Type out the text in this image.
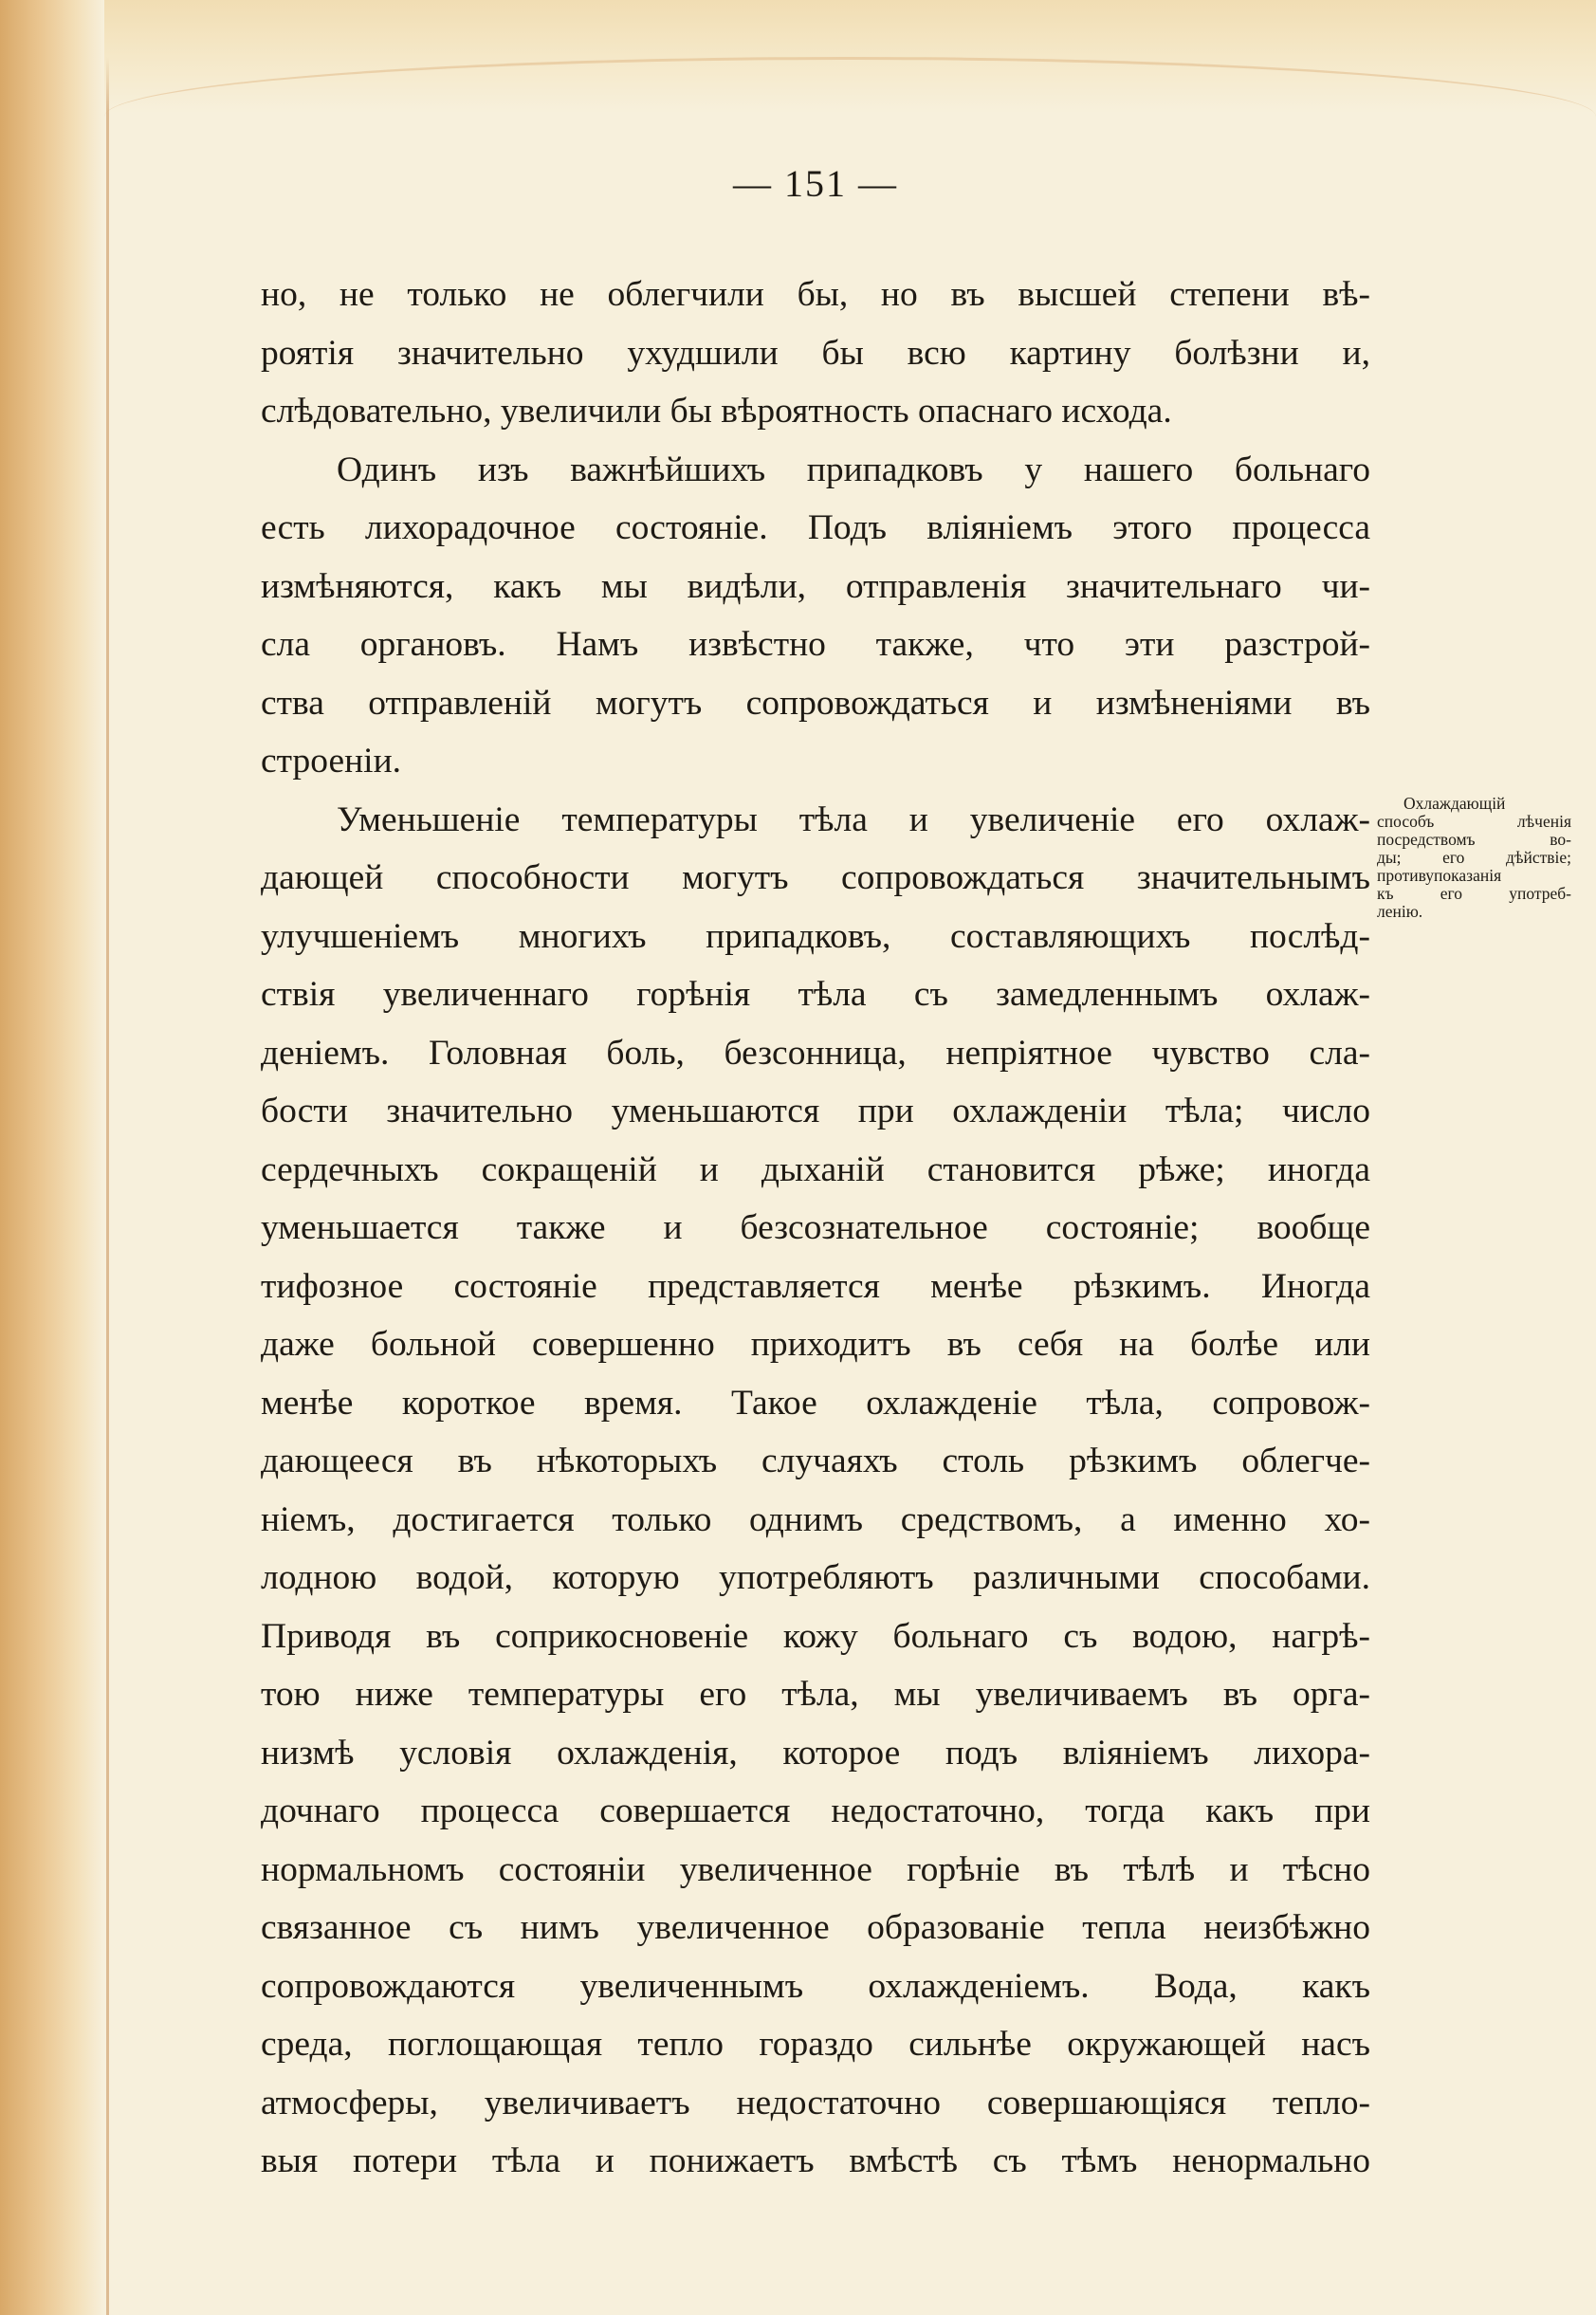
— 151 —
но, не только не облегчили бы, но въ высшей степени вѣ-
роятія значительно ухудшили бы всю картину болѣзни и,
слѣдовательно, увеличили бы вѣроятность опаснаго исхода.
Одинъ изъ важнѣйшихъ припадковъ у нашего больнаго
есть лихорадочное состояніе. Подъ вліяніемъ этого процесса
измѣняются, какъ мы видѣли, отправленія значительнаго чи-
сла органовъ. Намъ извѣстно также, что эти разстрой-
ства отправленій могутъ сопровождаться и измѣненіями въ
строеніи.
Уменьшеніе температуры тѣла и увеличеніе его охлаж-
дающей способности могутъ сопровождаться значительнымъ
улучшеніемъ многихъ припадковъ, составляющихъ послѣд-
ствія увеличеннаго горѣнія тѣла съ замедленнымъ охлаж-
деніемъ. Головная боль, безсонница, непріятное чувство сла-
бости значительно уменьшаются при охлажденіи тѣла; число
сердечныхъ сокращеній и дыханій становится рѣже; иногда
уменьшается также и безсознательное состояніе; вообще
тифозное состояніе представляется менѣе рѣзкимъ. Иногда
даже больной совершенно приходитъ въ себя на болѣе или
менѣе короткое время. Такое охлажденіе тѣла, сопровож-
дающееся въ нѣкоторыхъ случаяхъ столь рѣзкимъ облегче-
ніемъ, достигается только однимъ средствомъ, а именно хо-
лодною водой, которую употребляютъ различными способами.
Приводя въ соприкосновеніе кожу больнаго съ водою, нагрѣ-
тою ниже температуры его тѣла, мы увеличиваемъ въ орга-
низмѣ условія охлажденія, которое подъ вліяніемъ лихора-
дочнаго процесса совершается недостаточно, тогда какъ при
нормальномъ состояніи увеличенное горѣніе въ тѣлѣ и тѣсно
связанное съ нимъ увеличенное образованіе тепла неизбѣжно
сопровождаются увеличеннымъ охлажденіемъ. Вода, какъ
среда, поглощающая тепло гораздо сильнѣе окружающей насъ
атмосферы, увеличиваетъ недостаточно совершающіяся тепло-
выя потери тѣла и понижаетъ вмѣстѣ съ тѣмъ ненормально
Охлаждающій
способъ лѣченія
посредствомъ во-
ды; его дѣйствіе;
противупоказанія
къ его употреб-
ленію.
